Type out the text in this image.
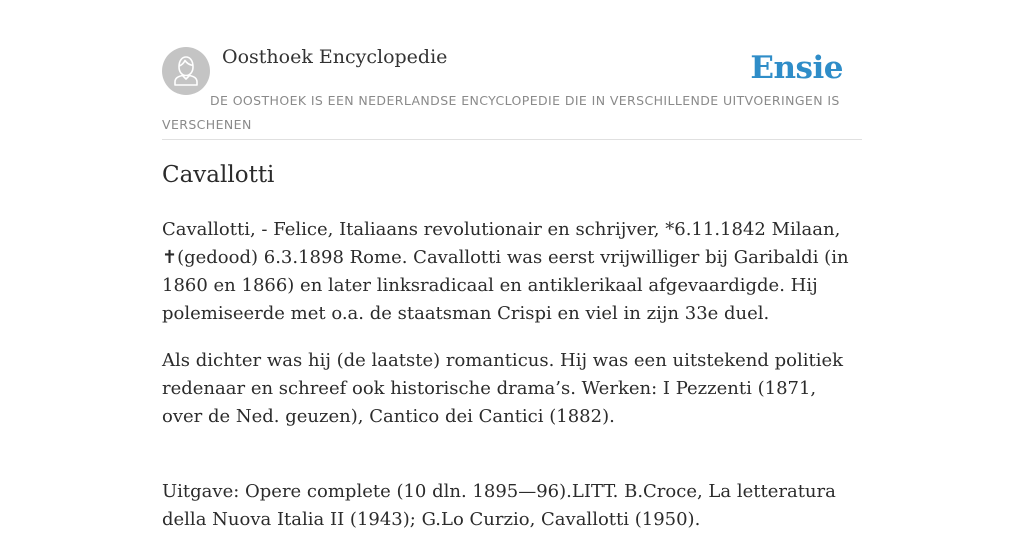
Oosthoek Encyclopedie	Ensie
DE OOSTHOEK IS EEN NEDERLANDSE ENCYCLOPEDIE DIE IN VERSCHILLENDE UITVOERINGEN IS VERSCHENEN
Cavallotti

Cavallotti, - Felice, Italiaans revolutionair en schrijver, *6.11.1842 Milaan, ✝(gedood) 6.3.1898 Rome. Cavallotti was eerst vrijwilliger bij Garibaldi (in 1860 en 1866) en later linksradicaal en antiklerikaal afgevaardigde. Hij polemiseerde met o.a. de staatsman Crispi en viel in zijn 33e duel.

Als dichter was hij (de laatste) romanticus. Hij was een uitstekend politiek redenaar en schreef ook historische drama’s. Werken: I Pezzenti (1871, over de Ned. geuzen), Cantico dei Cantici (1882).

Uitgave: Opere complete (10 dln. 1895—96).LITT. B.Croce, La letteratura della Nuova Italia II (1943); G.Lo Curzio, Cavallotti (1950).
